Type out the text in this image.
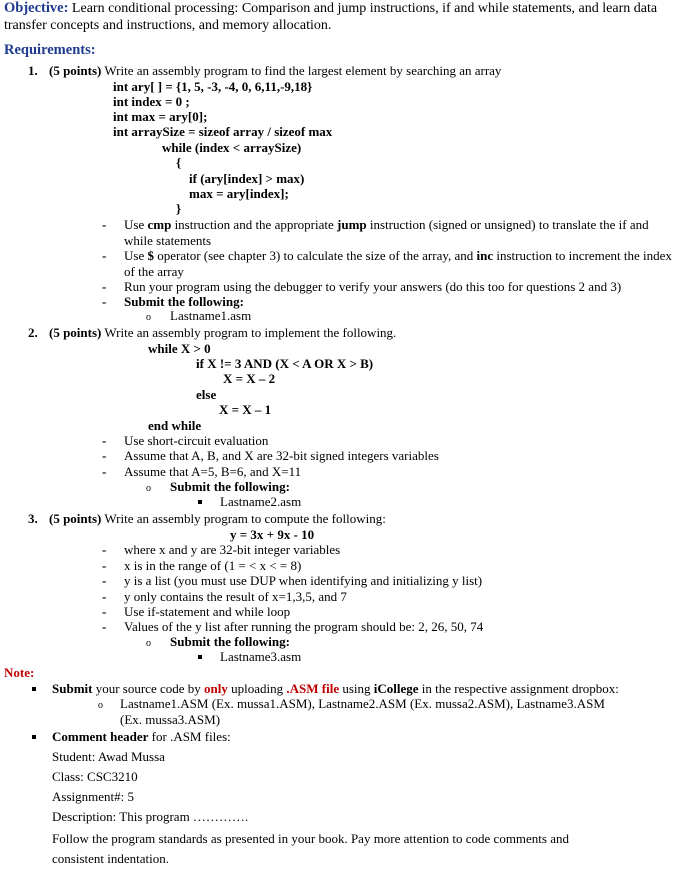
Objective: Learn conditional processing: Comparison and jump instructions, if and while statements, and learn data transfer concepts and instructions, and memory allocation.
Requirements:
1. (5 points) Write an assembly program to find the largest element by searching an array
int ary[ ] = {1, 5, -3, -4, 0, 6,11,-9,18}
int index = 0 ;
int max = ary[0];
int arraySize = sizeof array / sizeof max
while (index < arraySize)
{
if (ary[index] > max)
max = ary[index];
}
- Use cmp instruction and the appropriate jump instruction (signed or unsigned) to translate the if and while statements
- Use $ operator (see chapter 3) to calculate the size of the array, and inc instruction to increment the index of the array
- Run your program using the debugger to verify your answers (do this too for questions 2 and 3)
- Submit the following:
o Lastname1.asm
2. (5 points) Write an assembly program to implement the following.
while X > 0
if X != 3 AND (X < A OR X > B)
X = X – 2
else
X = X – 1
end while
- Use short-circuit evaluation
- Assume that A, B, and X are 32-bit signed integers variables
- Assume that A=5, B=6, and X=11
o Submit the following:
Lastname2.asm
3. (5 points) Write an assembly program to compute the following:
y = 3x + 9x - 10
- where x and y are 32-bit integer variables
- x is in the range of (1 = < x < = 8)
- y is a list (you must use DUP when identifying and initializing y list)
- y only contains the result of x=1,3,5, and 7
- Use if-statement and while loop
- Values of the y list after running the program should be: 2, 26, 50, 74
o Submit the following:
Lastname3.asm
Note:
Submit your source code by only uploading .ASM file using iCollege in the respective assignment dropbox:
o Lastname1.ASM (Ex. mussa1.ASM), Lastname2.ASM (Ex. mussa2.ASM), Lastname3.ASM (Ex. mussa3.ASM)
Comment header for .ASM files:
Student: Awad Mussa
Class: CSC3210
Assignment#: 5
Description: This program ………….
Follow the program standards as presented in your book. Pay more attention to code comments and consistent indentation.
